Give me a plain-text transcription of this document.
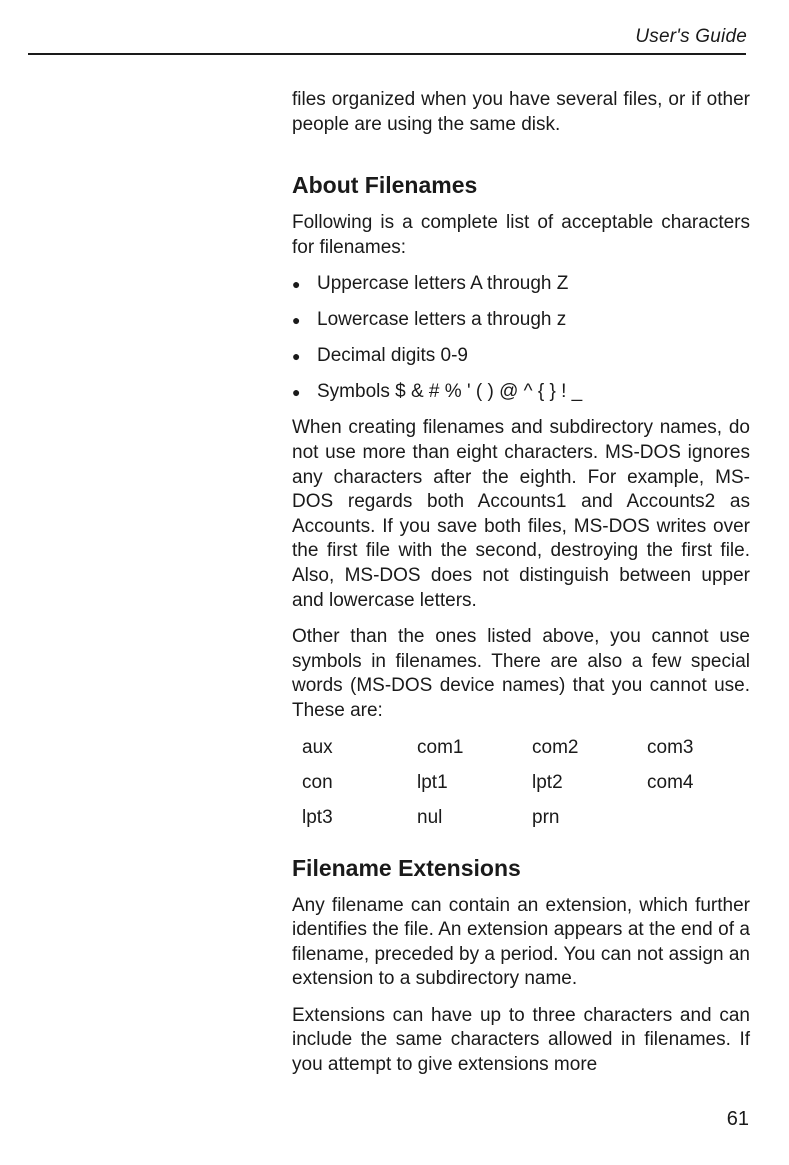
User's Guide

files organized when you have several files, or if other people are using the same disk.

About Filenames

Following is a complete list of acceptable characters for filenames:

● Uppercase letters A through Z
● Lowercase letters a through z
● Decimal digits 0-9
● Symbols $ & # % ' ( ) @ ^ { } ! _

When creating filenames and subdirectory names, do not use more than eight characters. MS-DOS ignores any characters after the eighth. For example, MS-DOS regards both Accounts1 and Accounts2 as Accounts. If you save both files, MS-DOS writes over the first file with the second, destroying the first file. Also, MS-DOS does not distinguish between upper and lowercase letters.

Other than the ones listed above, you cannot use symbols in filenames. There are also a few special words (MS-DOS device names) that you cannot use. These are:

aux	com1	com2	com3
con	lpt1	lpt2	com4
lpt3	nul	prn
Filename Extensions

Any filename can contain an extension, which further identifies the file. An extension appears at the end of a filename, preceded by a period. You can not assign an extension to a subdirectory name.

Extensions can have up to three characters and can include the same characters allowed in filenames. If you attempt to give extensions more

61
